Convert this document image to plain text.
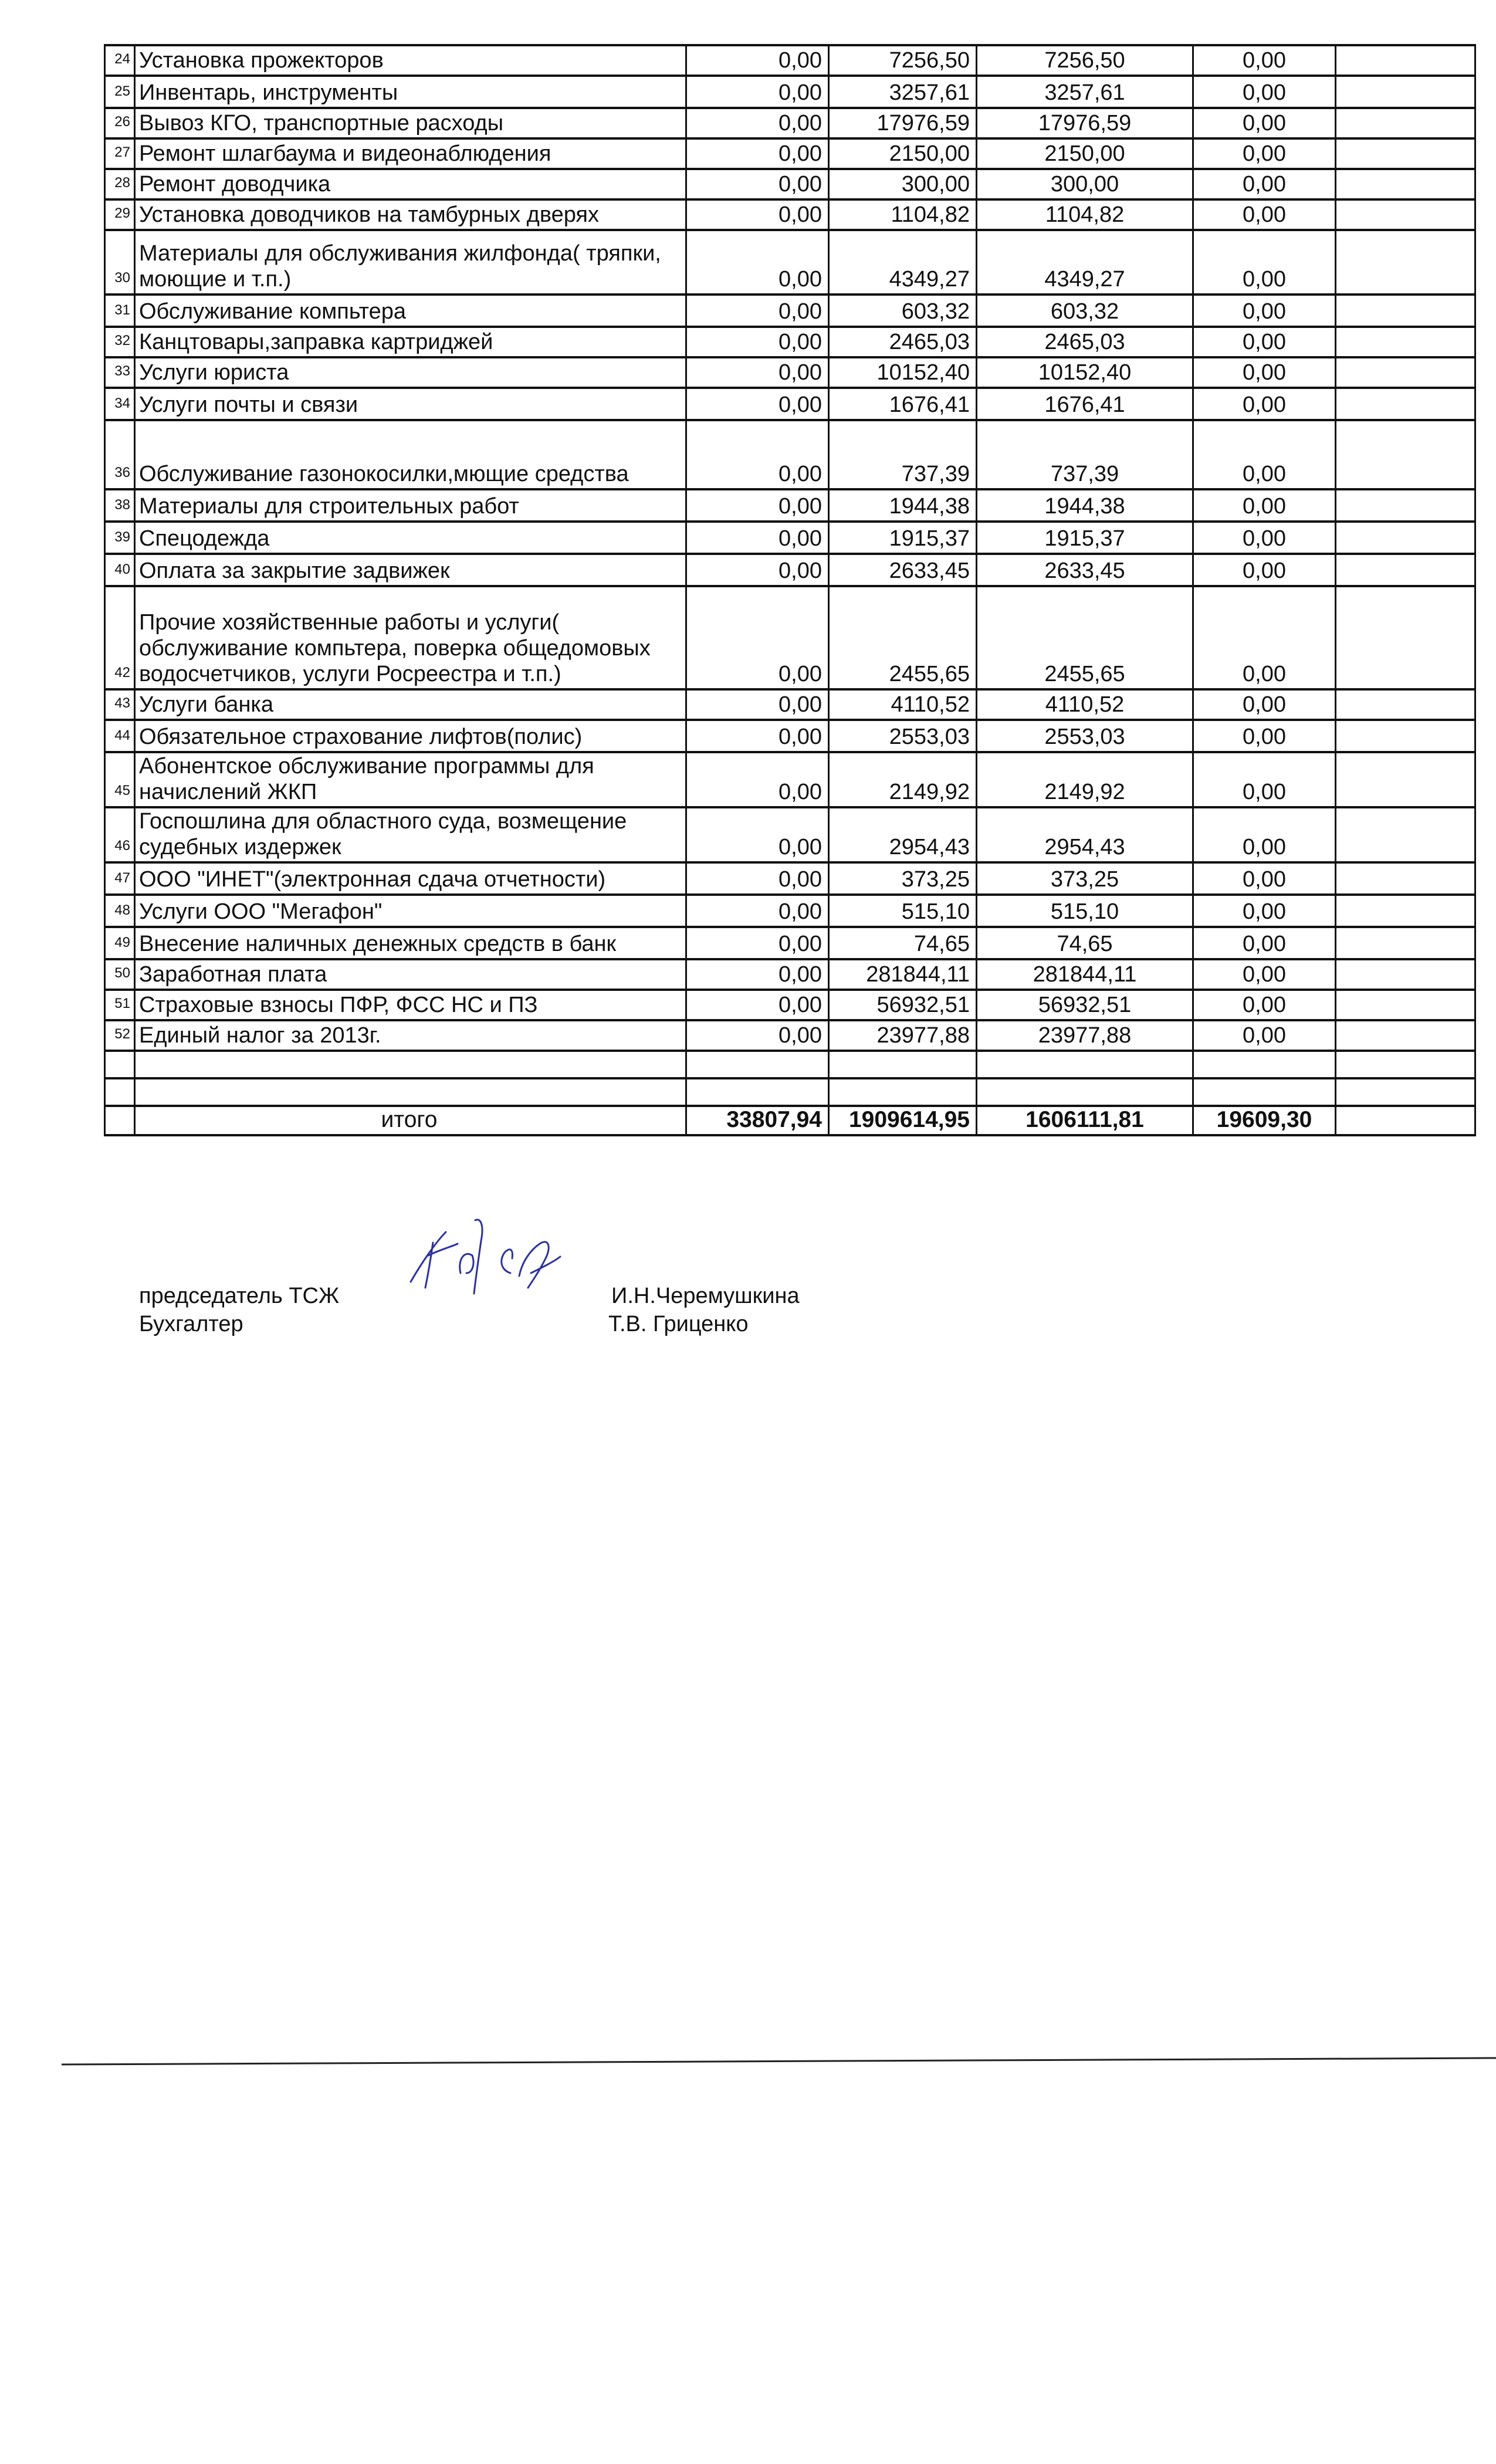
24	Установка прожекторов	0,00	7256,50	7256,50	0,00	
25	Инвентарь, инструменты	0,00	3257,61	3257,61	0,00	
26	Вывоз КГО, транспортные расходы	0,00	17976,59	17976,59	0,00	
27	Ремонт шлагбаума и видеонаблюдения	0,00	2150,00	2150,00	0,00	
28	Ремонт доводчика	0,00	300,00	300,00	0,00	
29	Установка доводчиков на тамбурных дверях	0,00	1104,82	1104,82	0,00	
30	Материалы для обслуживания жилфонда( тряпки, моющие и т.п.)	0,00	4349,27	4349,27	0,00	
31	Обслуживание компьтера	0,00	603,32	603,32	0,00	
32	Канцтовары,заправка картриджей	0,00	2465,03	2465,03	0,00	
33	Услуги юриста	0,00	10152,40	10152,40	0,00	
34	Услуги почты и связи	0,00	1676,41	1676,41	0,00	
36	Обслуживание газонокосилки,мющие средства	0,00	737,39	737,39	0,00	
38	Материалы для строительных работ	0,00	1944,38	1944,38	0,00	
39	Спецодежда	0,00	1915,37	1915,37	0,00	
40	Оплата за закрытие задвижек	0,00	2633,45	2633,45	0,00	
42	Прочие хозяйственные работы и услуги( обслуживание компьтера, поверка общедомовых водосчетчиков, услуги Росреестра и т.п.)	0,00	2455,65	2455,65	0,00	
43	Услуги банка	0,00	4110,52	4110,52	0,00	
44	Обязательное страхование лифтов(полис)	0,00	2553,03	2553,03	0,00	
45	Абонентское обслуживание программы для начислений ЖКП	0,00	2149,92	2149,92	0,00	
46	Госпошлина для областного суда, возмещение судебных издержек	0,00	2954,43	2954,43	0,00	
47	ООО "ИНЕТ"(электронная сдача отчетности)	0,00	373,25	373,25	0,00	
48	Услуги ООО "Мегафон"	0,00	515,10	515,10	0,00	
49	Внесение наличных денежных средств в банк	0,00	74,65	74,65	0,00	
50	Заработная плата	0,00	281844,11	281844,11	0,00	
51	Страховые взносы ПФР, ФСС НС и ПЗ	0,00	56932,51	56932,51	0,00	
52	Единый налог за 2013г.	0,00	23977,88	23977,88	0,00	

	итого	33807,94	1909614,95	1606111,81	19609,30	
председатель ТСЖ	И.Н.Черемушкина
Бухгалтер	Т.В. Гриценко
